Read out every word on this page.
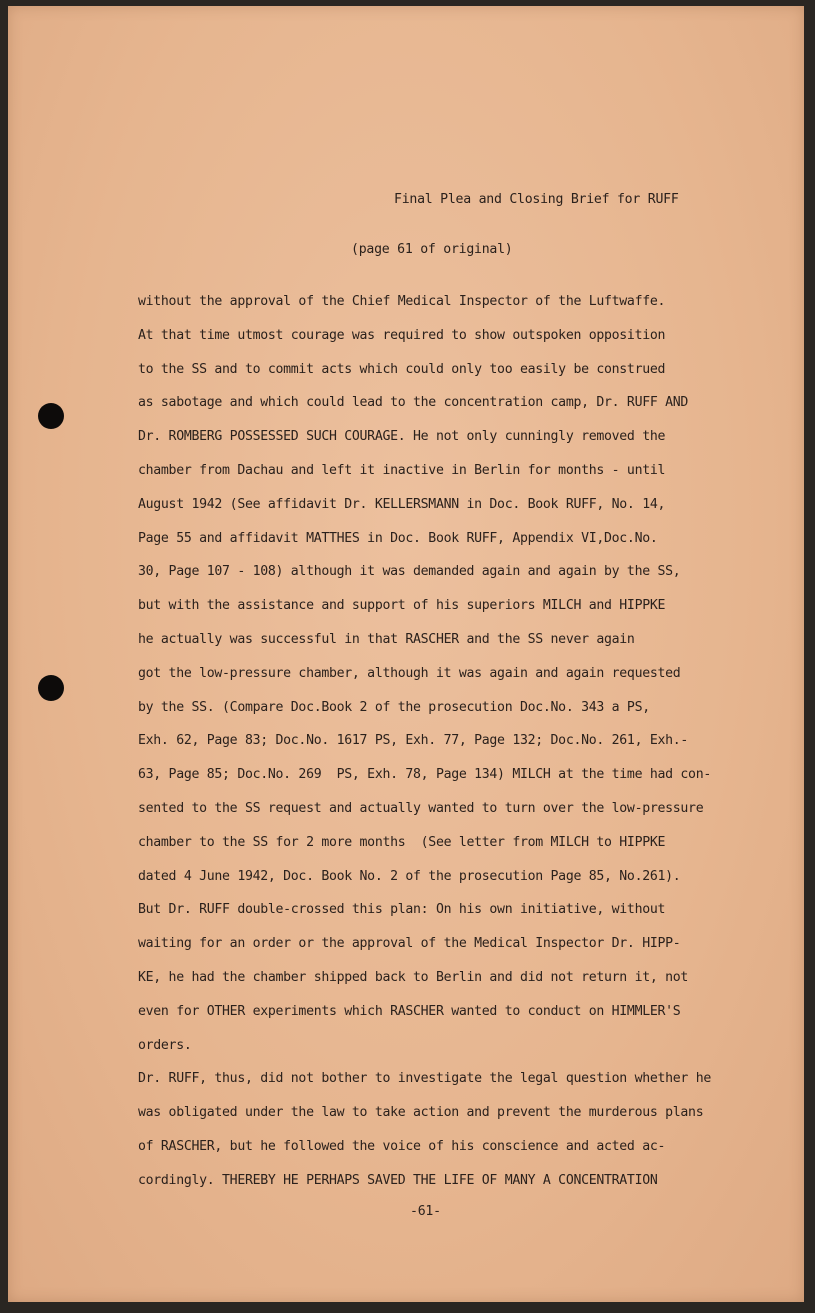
Final Plea and Closing Brief for RUFF

(page 61 of original)

without the approval of the Chief Medical Inspector of the Luftwaffe.
At that time utmost courage was required to show outspoken opposition
to the SS and to commit acts which could only too easily be construed
as sabotage and which could lead to the concentration camp, Dr. RUFF AND
Dr. ROMBERG POSSESSED SUCH COURAGE. He not only cunningly removed the
chamber from Dachau and left it inactive in Berlin for months - until
August 1942 (See affidavit Dr. KELLERSMANN in Doc. Book RUFF, No. 14,
Page 55 and affidavit MATTHES in Doc. Book RUFF, Appendix VI,Doc.No.
30, Page 107 - 108) although it was demanded again and again by the SS,
but with the assistance and support of his superiors MILCH and HIPPKE
he actually was successful in that RASCHER and the SS never again
got the low-pressure chamber, although it was again and again requested
by the SS. (Compare Doc.Book 2 of the prosecution Doc.No. 343 a PS,
Exh. 62, Page 83; Doc.No. 1617 PS, Exh. 77, Page 132; Doc.No. 261, Exh.-
63, Page 85; Doc.No. 269  PS, Exh. 78, Page 134) MILCH at the time had con-
sented to the SS request and actually wanted to turn over the low-pressure
chamber to the SS for 2 more months  (See letter from MILCH to HIPPKE
dated 4 June 1942, Doc. Book No. 2 of the prosecution Page 85, No.261).
But Dr. RUFF double-crossed this plan: On his own initiative, without
waiting for an order or the approval of the Medical Inspector Dr. HIPP-
KE, he had the chamber shipped back to Berlin and did not return it, not
even for OTHER experiments which RASCHER wanted to conduct on HIMMLER'S
orders.
Dr. RUFF, thus, did not bother to investigate the legal question whether he
was obligated under the law to take action and prevent the murderous plans
of RASCHER, but he followed the voice of his conscience and acted ac-
cordingly. THEREBY HE PERHAPS SAVED THE LIFE OF MANY A CONCENTRATION

-61-
